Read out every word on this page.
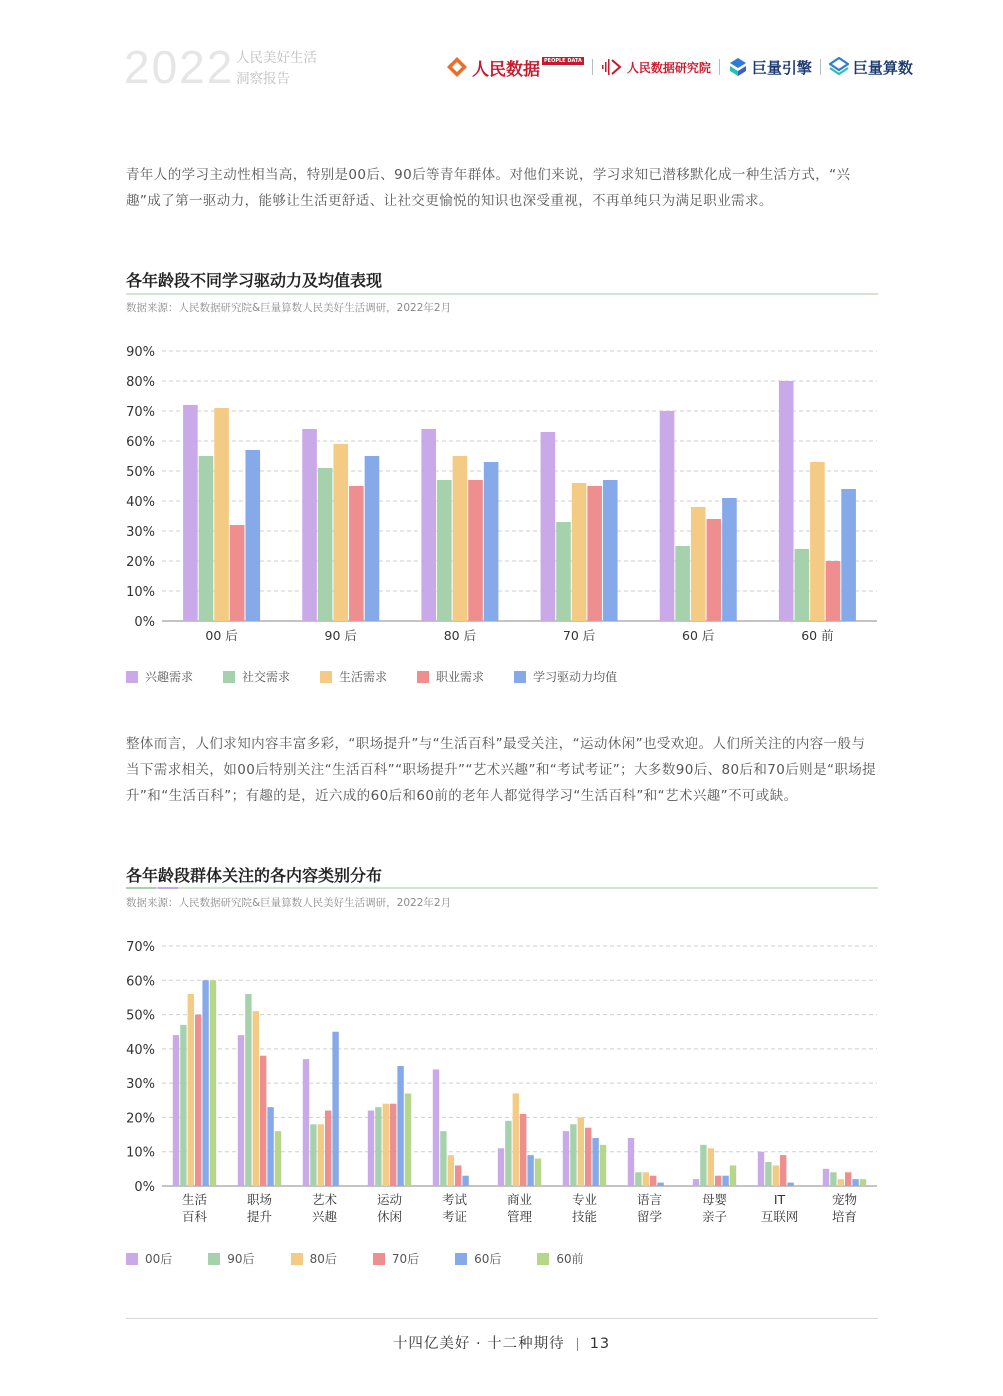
2022 人民美好生活
洞察报告	人民数据 PEOPLE DATA	人民数据研究院	巨量引擎	巨量算数

青年人的学习主动性相当高，特别是00后、90后等青年群体。对他们来说，学习求知已潜移默化成一种生活方式，“兴趣”成了第一驱动力，能够让生活更舒适、让社交更愉悦的知识也深受重视，不再单纯只为满足职业需求。

各年龄段不同学习驱动力及均值表现
数据来源：人民数据研究院&巨量算数人民美好生活调研，2022年2月
0%
10%
20%
30%
40%
50%
60%
70%
80%
90%
00 后	90 后	80 后	70 后	60 后	60 前
兴趣需求	社交需求	生活需求	职业需求	学习驱动力均值

整体而言，人们求知内容丰富多彩，“职场提升”与“生活百科”最受关注，“运动休闲”也受欢迎。人们所关注的内容一般与当下需求相关，如00后特别关注“生活百科”“职场提升”“艺术兴趣”和“考试考证”；大多数90后、80后和70后则是“职场提升”和“生活百科”；有趣的是，近六成的60后和60前的老年人都觉得学习“生活百科”和“艺术兴趣”不可或缺。

各年龄段群体关注的各内容类别分布
数据来源：人民数据研究院&巨量算数人民美好生活调研，2022年2月
0%
10%
20%
30%
40%
50%
60%
70%
生活
百科
职场
提升
艺术
兴趣
运动
休闲
考试
考证
商业
管理
专业
技能
语言
留学
母婴
亲子
IT
互联网
宠物
培育
00后	90后	80后	70后	60后	60前
十四亿美好 · 十二种期待 13
